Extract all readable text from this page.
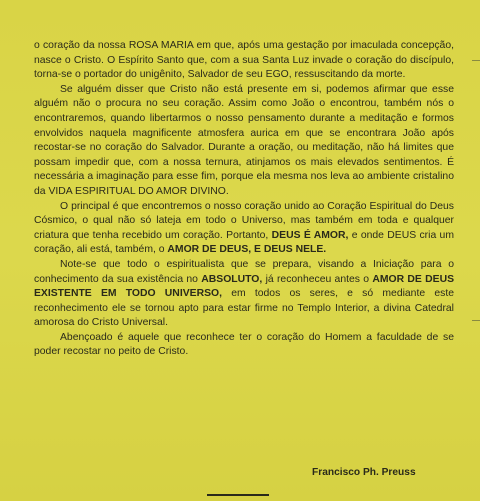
o coração da nossa ROSA MARIA em que, após uma gestação por imaculada concepção, nasce o Cristo. O Espírito Santo que, com a sua Santa Luz invade o coração do discípulo, torna-se o portador do unigênito, Salvador de seu EGO, ressuscitando da morte.

Se alguém disser que Cristo não está presente em si, podemos afirmar que esse alguém não o procura no seu coração. Assim como João o encontrou, também nós o encontraremos, quando libertarmos o nosso pensamento durante a meditação e formos envolvidos naquela magnificente atmosfera aurica em que se encontrara João após recostar-se no coração do Salvador. Durante a oração, ou meditação, não há limites que possam impedir que, com a nossa ternura, atinjamos os mais elevados sentimentos. É necessária a imaginação para esse fim, porque ela mesma nos leva ao ambiente cristalino da VIDA ESPIRITUAL DO AMOR DIVINO.

O principal é que encontremos o nosso coração unido ao Coração Espiritual do Deus Cósmico, o qual não só lateja em todo o Universo, mas também em toda e qualquer criatura que tenha recebido um coração. Portanto, DEUS É AMOR, e onde DEUS cria um coração, ali está, também, o AMOR DE DEUS, E DEUS NELE.

Note-se que todo o espiritualista que se prepara, visando a Iniciação para o conhecimento da sua existência no ABSOLUTO, já reconheceu antes o AMOR DE DEUS EXISTENTE EM TODO UNIVERSO, em todos os seres, e só mediante este reconhecimento ele se tornou apto para estar firme no Templo Interior, a divina Catedral amorosa do Cristo Universal.

Abençoado é aquele que reconhece ter o coração do Homem a faculdade de se poder recostar no peito de Cristo.

Francisco Ph. Preuss
